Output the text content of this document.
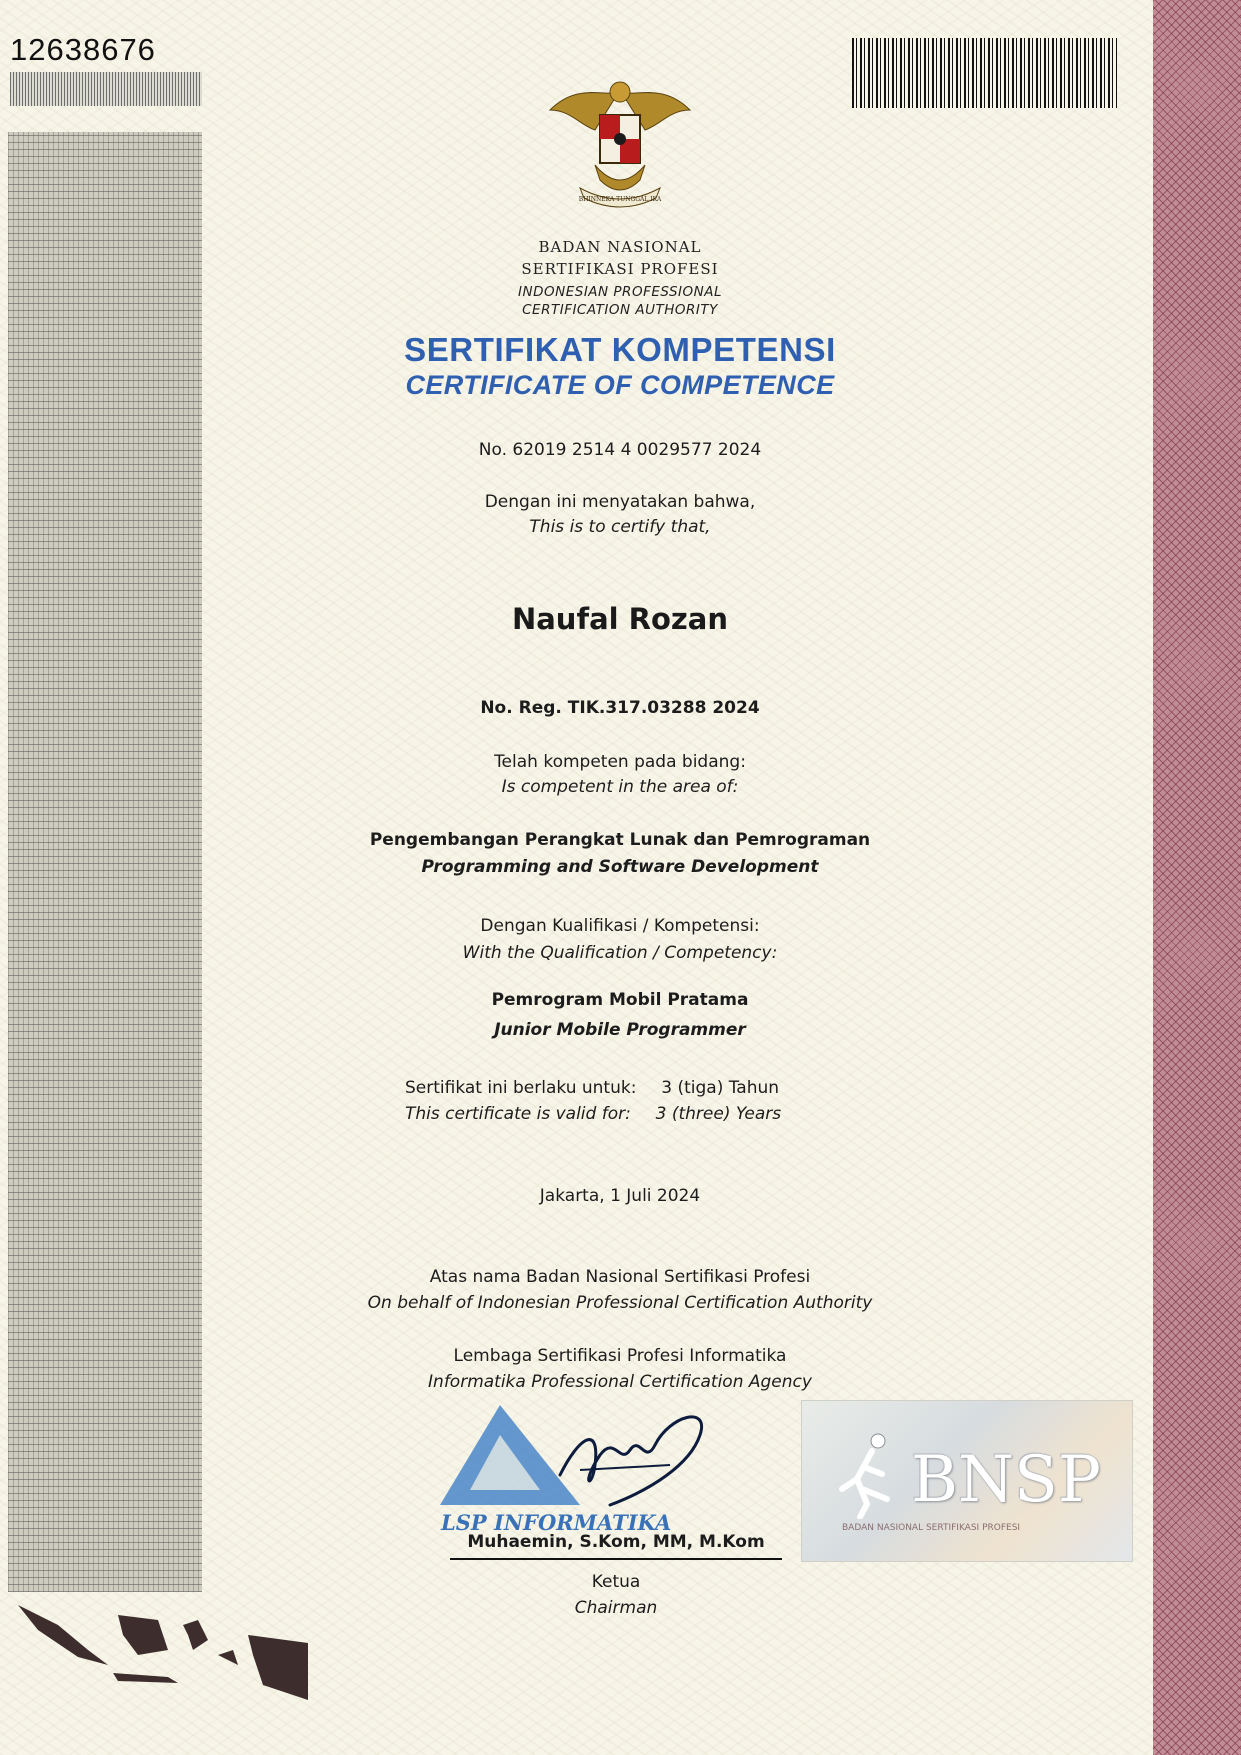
12638676
BHINNEKA TUNGGAL IKA
BADAN NASIONAL
SERTIFIKASI PROFESI
INDONESIAN PROFESSIONAL
CERTIFICATION AUTHORITY
SERTIFIKAT KOMPETENSI
CERTIFICATE OF COMPETENCE
No. 62019 2514 4 0029577 2024
Dengan ini menyatakan bahwa,
This is to certify that,
Naufal Rozan
No. Reg. TIK.317.03288 2024
Telah kompeten pada bidang:
Is competent in the area of:
Pengembangan Perangkat Lunak dan Pemrograman
Programming and Software Development
Dengan Kualifikasi / Kompetensi:
With the Qualification / Competency:
Pemrogram Mobil Pratama
Junior Mobile Programmer
Sertifikat ini berlaku untuk: 3 (tiga) Tahun
This certificate is valid for: 3 (three) Years
Jakarta, 1 Juli 2024
Atas nama Badan Nasional Sertifikasi Profesi
On behalf of Indonesian Professional Certification Authority
Lembaga Sertifikasi Profesi Informatika
Informatika Professional Certification Agency
LSP INFORMATIKA
Muhaemin, S.Kom, MM, M.Kom
Ketua
Chairman
BNSP
BADAN NASIONAL SERTIFIKASI PROFESI
